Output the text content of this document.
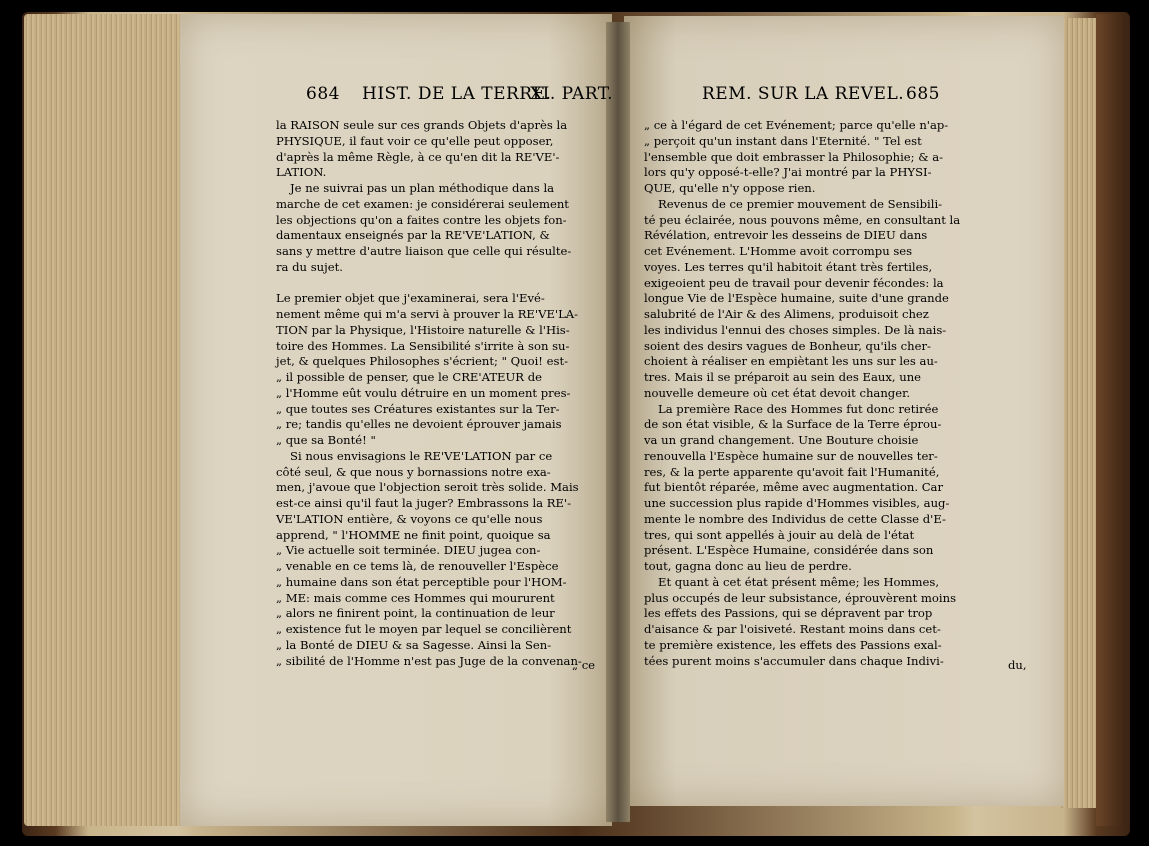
684 HIST. DE LA TERRE.
XI. PART.	REM. SUR LA REVEL. 685
la RAISON seule sur ces grands Objets d'après la
PHYSIQUE, il faut voir ce qu'elle peut opposer,
d'après la même Règle, à ce qu'en dit la RE'VE'-
LATION.
Je ne suivrai pas un plan méthodique dans la
marche de cet examen: je considérerai seulement
les objections qu'on a faites contre les objets fon-
damentaux enseignés par la RE'VE'LATION, &
sans y mettre d'autre liaison que celle qui résulte-
ra du sujet.
Le premier objet que j'examinerai, sera l'Evé-
nement même qui m'a servi à prouver la RE'VE'LA-
TION par la Physique, l'Histoire naturelle & l'His-
toire des Hommes. La Sensibilité s'irrite à son su-
jet, & quelques Philosophes s'écrient; " Quoi! est-
„ il possible de penser, que le CRE'ATEUR de
„ l'Homme eût voulu détruire en un moment pres-
„ que toutes ses Créatures existantes sur la Ter-
„ re; tandis qu'elles ne devoient éprouver jamais
„ que sa Bonté! "
Si nous envisagions le RE'VE'LATION par ce
côté seul, & que nous y bornassions notre exa-
men, j'avoue que l'objection seroit très solide. Mais
est-ce ainsi qu'il faut la juger? Embrassons la RE'-
VE'LATION entière, & voyons ce qu'elle nous
apprend, " l'HOMME ne finit point, quoique sa
„ Vie actuelle soit terminée. DIEU jugea con-
„ venable en ce tems là, de renouveller l'Espèce
„ humaine dans son état perceptible pour l'HOM-
„ ME: mais comme ces Hommes qui moururent
„ alors ne finirent point, la continuation de leur
„ existence fut le moyen par lequel se concilièrent
„ la Bonté de DIEU & sa Sagesse. Ainsi la Sen-
„ sibilité de l'Homme n'est pas Juge de la convenan-
„ ce à l'égard de cet Evénement; parce qu'elle n'ap-
„ perçoit qu'un instant dans l'Eternité. " Tel est
l'ensemble que doit embrasser la Philosophie; & a-
lors qu'y opposé-t-elle? J'ai montré par la PHYSI-
QUE, qu'elle n'y oppose rien.
Revenus de ce premier mouvement de Sensibili-
té peu éclairée, nous pouvons même, en consultant la
Révélation, entrevoir les desseins de DIEU dans
cet Evénement. L'Homme avoit corrompu ses
voyes. Les terres qu'il habitoit étant très fertiles,
exigeoient peu de travail pour devenir fécondes: la
longue Vie de l'Espèce humaine, suite d'une grande
salubrité de l'Air & des Alimens, produisoit chez
les individus l'ennui des choses simples. De là nais-
soient des desirs vagues de Bonheur, qu'ils cher-
choient à réaliser en empiètant les uns sur les au-
tres. Mais il se préparoit au sein des Eaux, une
nouvelle demeure où cet état devoit changer.
La première Race des Hommes fut donc retirée
de son état visible, & la Surface de la Terre éprou-
va un grand changement. Une Bouture choisie
renouvella l'Espèce humaine sur de nouvelles ter-
res, & la perte apparente qu'avoit fait l'Humanité,
fut bientôt réparée, même avec augmentation. Car
une succession plus rapide d'Hommes visibles, aug-
mente le nombre des Individus de cette Classe d'E-
tres, qui sont appellés à jouir au delà de l'état
présent. L'Espèce Humaine, considérée dans son
tout, gagna donc au lieu de perdre.
Et quant à cet état présent même; les Hommes,
plus occupés de leur subsistance, éprouvèrent moins
les effets des Passions, qui se dépravent par trop
d'aisance & par l'oisiveté. Restant moins dans cet-
te première existence, les effets des Passions exal-
tées purent moins s'accumuler dans chaque Indivi-
„ ce	du,
